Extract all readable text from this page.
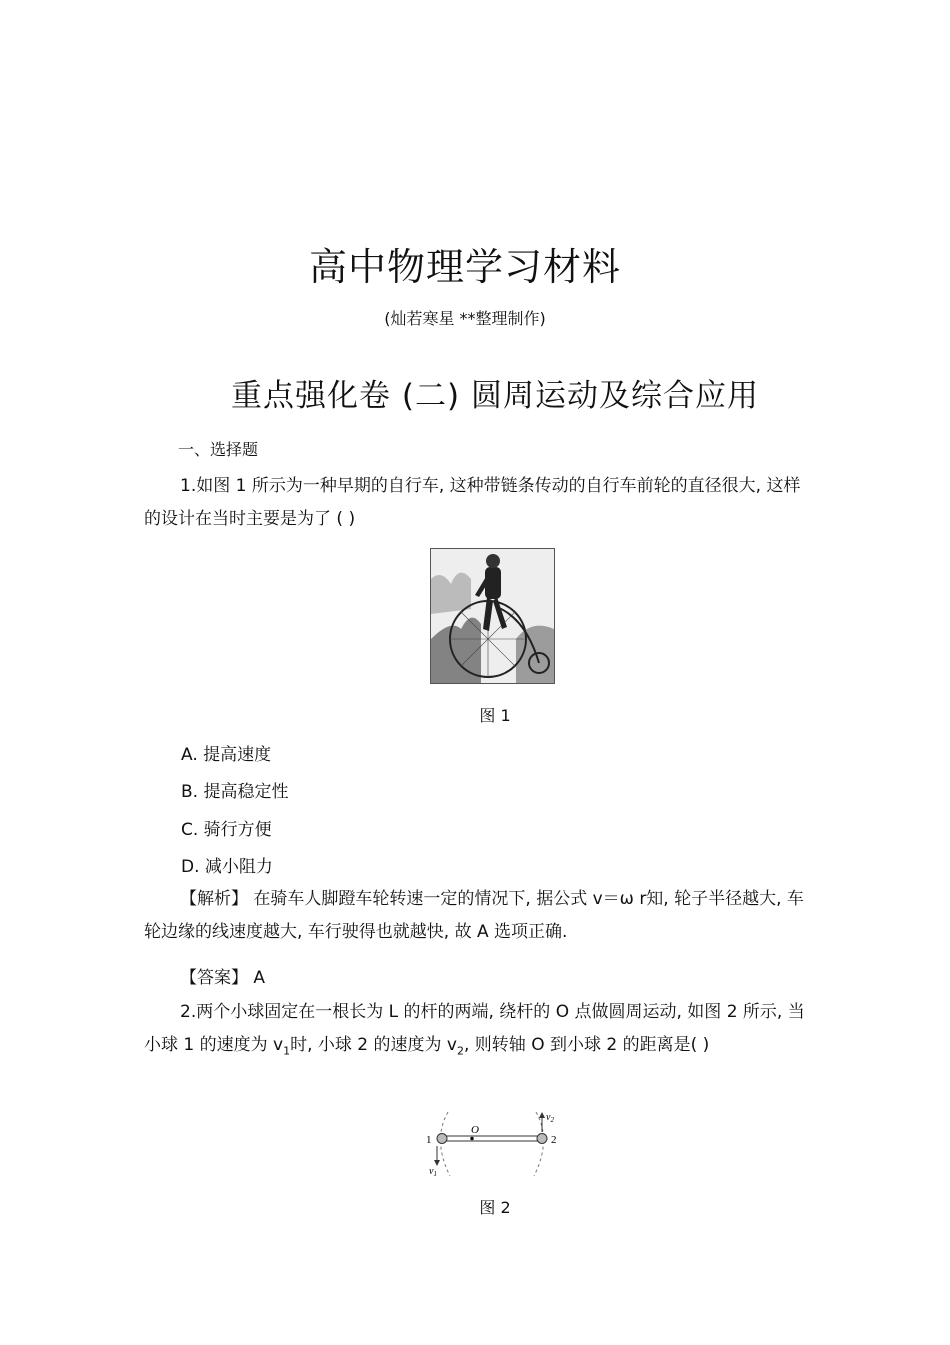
高中物理学习材料
(灿若寒星 **整理制作)
重点强化卷 (二) 圆周运动及综合应用
一、选择题
1.如图 1 所示为一种早期的自行车, 这种带链条传动的自行车前轮的直径很大, 这样的设计在当时主要是为了 ( )
图 1
A. 提高速度
B. 提高稳定性
C. 骑行方便
D. 减小阻力
【解析】 在骑车人脚蹬车轮转速一定的情况下, 据公式 v＝ω r知, 轮子半径越大, 车轮边缘的线速度越大, 车行驶得也就越快, 故 A 选项正确.
【答案】 A
2.两个小球固定在一根长为 L 的杆的两端, 绕杆的 O 点做圆周运动, 如图 2 所示, 当小球 1 的速度为 $v_1$时, 小球 2 的速度为 $v_2$, 则转轴 O 到小球 2 的距离是( )
1	2
O
$v_1$
$v_2$
图 2
